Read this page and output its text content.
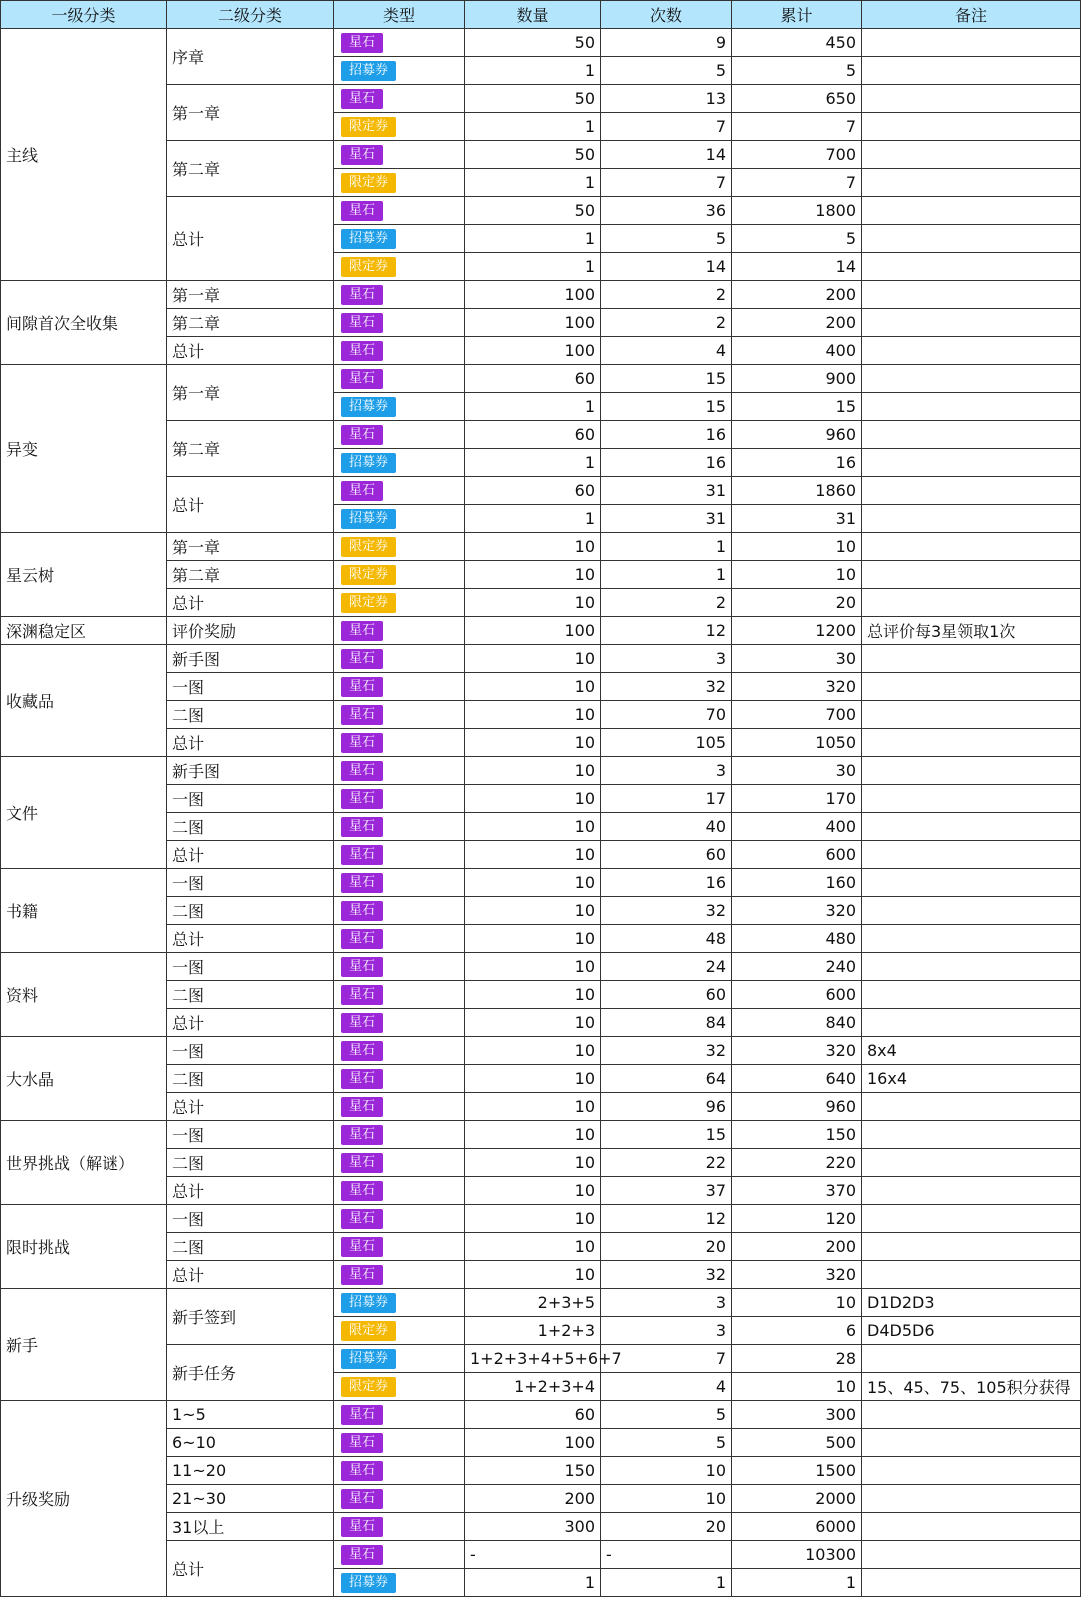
一级分类	二级分类	类型	数量	次数	累计	备注
主线	序章	星石	50	9	450	
		招募券	1	5	5	
	第一章	星石	50	13	650	
		限定券	1	7	7	
	第二章	星石	50	14	700	
		限定券	1	7	7	
	总计	星石	50	36	1800	
		招募券	1	5	5	
		限定券	1	14	14	
间隙首次全收集	第一章	星石	100	2	200	
	第二章	星石	100	2	200	
	总计	星石	100	4	400	
异变	第一章	星石	60	15	900	
		招募券	1	15	15	
	第二章	星石	60	16	960	
		招募券	1	16	16	
	总计	星石	60	31	1860	
		招募券	1	31	31	
星云树	第一章	限定券	10	1	10	
	第二章	限定券	10	1	10	
	总计	限定券	10	2	20	
深渊稳定区	评价奖励	星石	100	12	1200	总评价每3星领取1次
收藏品	新手图	星石	10	3	30	
	一图	星石	10	32	320	
	二图	星石	10	70	700	
	总计	星石	10	105	1050	
文件	新手图	星石	10	3	30	
	一图	星石	10	17	170	
	二图	星石	10	40	400	
	总计	星石	10	60	600	
书籍	一图	星石	10	16	160	
	二图	星石	10	32	320	
	总计	星石	10	48	480	
资料	一图	星石	10	24	240	
	二图	星石	10	60	600	
	总计	星石	10	84	840	
大水晶	一图	星石	10	32	320	8x4
	二图	星石	10	64	640	16x4
	总计	星石	10	96	960	
世界挑战（解谜）	一图	星石	10	15	150	
	二图	星石	10	22	220	
	总计	星石	10	37	370	
限时挑战	一图	星石	10	12	120	
	二图	星石	10	20	200	
	总计	星石	10	32	320	
新手	新手签到	招募券	2+3+5	3	10	D1D2D3
		限定券	1+2+3	3	6	D4D5D6
	新手任务	招募券	1+2+3+4+5+6+7	7	28	
		限定券	1+2+3+4	4	10	15、45、75、105积分获得
升级奖励	1~5	星石	60	5	300	
	6~10	星石	100	5	500	
	11~20	星石	150	10	1500	
	21~30	星石	200	10	2000	
	31以上	星石	300	20	6000	
	总计	星石	-	-	10300	
		招募券	1	1	1	
